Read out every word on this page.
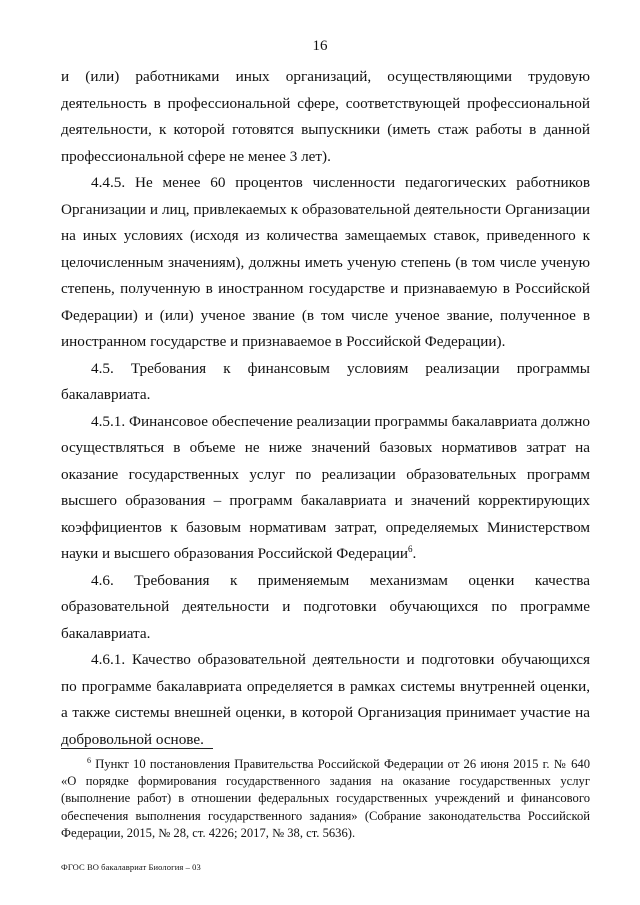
16

и (или) работниками иных организаций, осуществляющими трудовую деятельность в профессиональной сфере, соответствующей профессиональной деятельности, к которой готовятся выпускники (иметь стаж работы в данной профессиональной сфере не менее 3 лет).

4.4.5. Не менее 60 процентов численности педагогических работников Организации и лиц, привлекаемых к образовательной деятельности Организации на иных условиях (исходя из количества замещаемых ставок, приведенного к целочисленным значениям), должны иметь ученую степень (в том числе ученую степень, полученную в иностранном государстве и признаваемую в Российской Федерации) и (или) ученое звание (в том числе ученое звание, полученное в иностранном государстве и признаваемое в Российской Федерации).

4.5. Требования к финансовым условиям реализации программы бакалавриата.

4.5.1. Финансовое обеспечение реализации программы бакалавриата должно осуществляться в объеме не ниже значений базовых нормативов затрат на оказание государственных услуг по реализации образовательных программ высшего образования – программ бакалавриата и значений корректирующих коэффициентов к базовым нормативам затрат, определяемых Министерством науки и высшего образования Российской Федерации$^6$.

4.6. Требования к применяемым механизмам оценки качества образовательной деятельности и подготовки обучающихся по программе бакалавриата.

4.6.1. Качество образовательной деятельности и подготовки обучающихся по программе бакалавриата определяется в рамках системы внутренней оценки, а также системы внешней оценки, в которой Организация принимает участие на добровольной основе.

$^6$ Пункт 10 постановления Правительства Российской Федерации от 26 июня 2015 г. № 640 «О порядке формирования государственного задания на оказание государственных услуг (выполнение работ) в отношении федеральных государственных учреждений и финансового обеспечения выполнения государственного задания» (Собрание законодательства Российской Федерации, 2015, № 28, ст. 4226; 2017, № 38, ст. 5636).
ФГОС ВО бакалавриат Биология – 03
